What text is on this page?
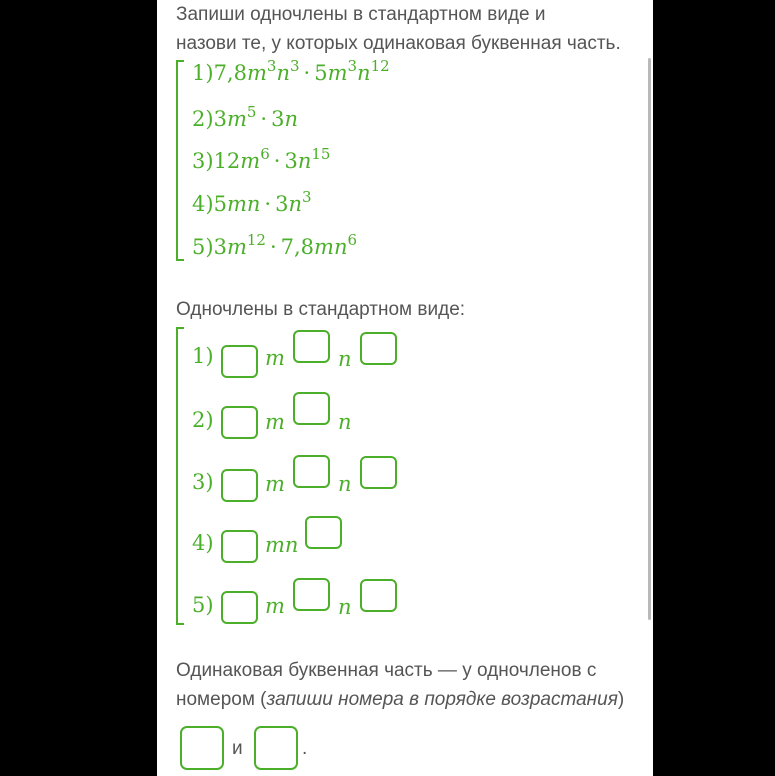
Запиши одночлены в стандартном виде и
назови те, у которых одинаковая буквенная часть.
$1)7,8m^3n^3 \cdot 5m^3n^{12}$
$2)3m^5 \cdot 3n$
$3)12m^6 \cdot 3n^{15}$
$4)5mn \cdot 3n^3$
$5)3m^{12} \cdot 7,8mn^6$
Одночлены в стандартном виде:
1) m	n
2) m	n
3) m	n
4) mn
5) m	n
Одинаковая буквенная часть — у одночленов с
номером (запиши номера в порядке возрастания)
и	.
